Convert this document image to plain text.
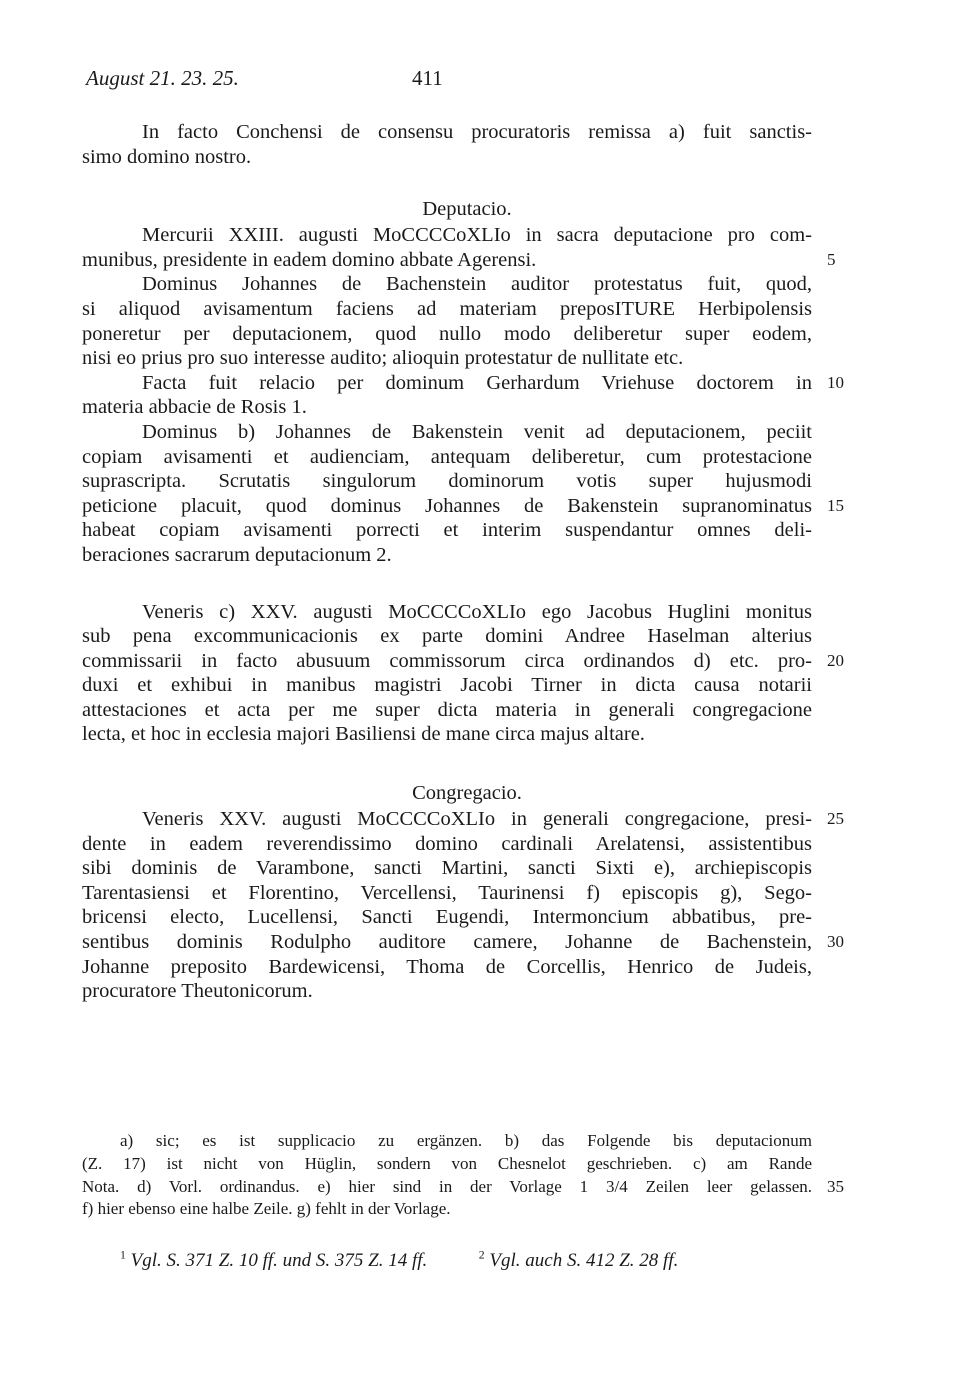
August 21. 23. 25.	411
In facto Conchensi de consensu procuratoris remissa a) fuit sanctis-
simo domino nostro.
Deputacio.
Mercurii XXIII. augusti MoCCCCoXLIo in sacra deputacione pro com-
munibus, presidente in eadem domino abbate Agerensi.	5
Dominus Johannes de Bachenstein auditor protestatus fuit, quod,
si aliquod avisamentum faciens ad materiam preposITURE Herbipolensis
poneretur per deputacionem, quod nullo modo deliberetur super eodem,
nisi eo prius pro suo interesse audito; alioquin protestatur de nullitate etc.
Facta fuit relacio per dominum Gerhardum Vriehuse doctorem in 10
materia abbacie de Rosis 1.
Dominus b) Johannes de Bakenstein venit ad deputacionem, peciit
copiam avisamenti et audienciam, antequam deliberetur, cum protestacione
suprascripta. Scrutatis singulorum dominorum votis super hujusmodi
peticione placuit, quod dominus Johannes de Bakenstein supranominatus 15
habeat copiam avisamenti porrecti et interim suspendantur omnes deli-
beraciones sacrarum deputacionum 2.
Veneris c) XXV. augusti MoCCCCoXLIo ego Jacobus Huglini monitus
sub pena excommunicacionis ex parte domini Andree Haselman alterius
commissarii in facto abusuum commissorum circa ordinandos d) etc. pro- 20
duxi et exhibui in manibus magistri Jacobi Tirner in dicta causa notarii
attestaciones et acta per me super dicta materia in generali congregacione
lecta, et hoc in ecclesia majori Basiliensi de mane circa majus altare.
Congregacio.
Veneris XXV. augusti MoCCCCoXLIo in generali congregacione, presi- 25
dente in eadem reverendissimo domino cardinali Arelatensi, assistentibus
sibi dominis de Varambone, sancti Martini, sancti Sixti e), archiepiscopis
Tarentasiensi et Florentino, Vercellensi, Taurinensi f) episcopis g), Sego-
bricensi electo, Lucellensi, Sancti Eugendi, Intermoncium abbatibus, pre-
sentibus dominis Rodulpho auditore camere, Johanne de Bachenstein, 30
Johanne preposito Bardewicensi, Thoma de Corcellis, Henrico de Judeis,
procuratore Theutonicorum.
a) sic; es ist supplicacio zu ergänzen. b) das Folgende bis deputacionum
(Z. 17) ist nicht von Hüglin, sondern von Chesnelot geschrieben. c) am Rande
Nota. d) Vorl. ordinandus. e) hier sind in der Vorlage 1 3/4 Zeilen leer gelassen. 35
f) hier ebenso eine halbe Zeile. g) fehlt in der Vorlage.
$^1$ Vgl. S. 371 Z. 10 ff. und S. 375 Z. 14 ff.	$^2$ Vgl. auch S. 412 Z. 28 ff.
